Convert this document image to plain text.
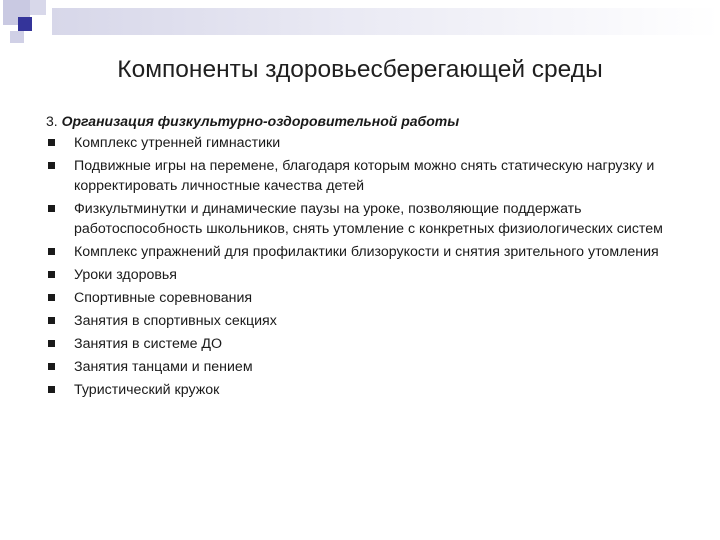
Компоненты здоровьесберегающей среды
3. Организация физкультурно-оздоровительной работы
Комплекс утренней гимнастики
Подвижные игры на перемене, благодаря которым можно снять статическую нагрузку и корректировать личностные качества детей
Физкультминутки и динамические паузы на уроке, позволяющие поддержать работоспособность школьников, снять утомление с конкретных физиологических систем
Комплекс упражнений для профилактики близорукости и снятия зрительного утомления
Уроки здоровья
Спортивные соревнования
Занятия в спортивных секциях
Занятия в системе ДО
Занятия танцами и пением
Туристический кружок
